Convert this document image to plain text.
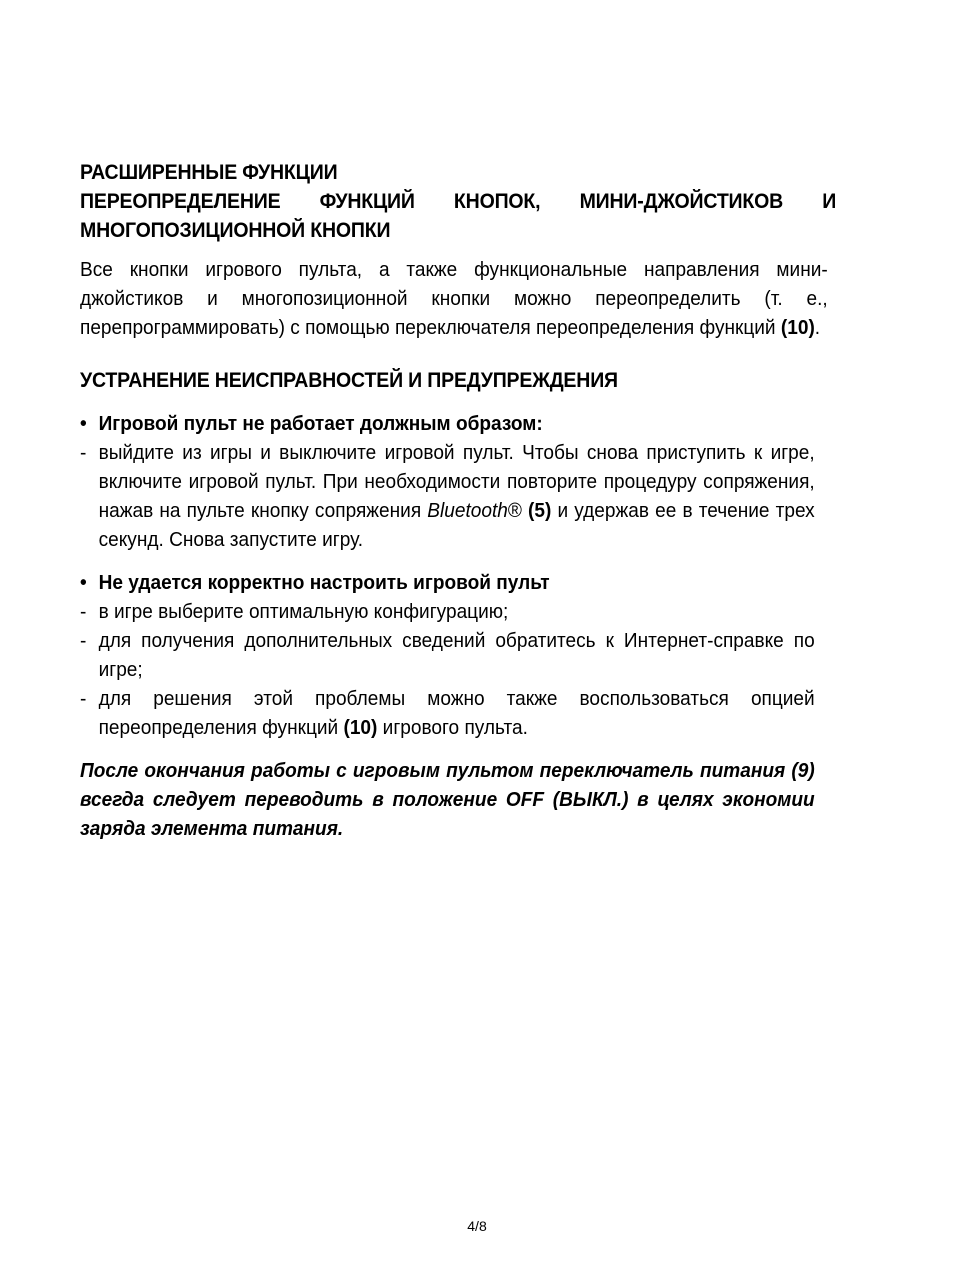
РАСШИРЕННЫЕ ФУНКЦИИ
ПЕРЕОПРЕДЕЛЕНИЕ ФУНКЦИЙ КНОПОК, МИНИ-ДЖОЙСТИКОВ И
МНОГОПОЗИЦИОННОЙ КНОПКИ
Все кнопки игрового пульта, а также функциональные направления мини-джойстиков и многопозиционной кнопки можно переопределить (т. е., перепрограммировать) с помощью переключателя переопределения функций (10).
УСТРАНЕНИЕ НЕИСПРАВНОСТЕЙ И ПРЕДУПРЕЖДЕНИЯ
• Игровой пульт не работает должным образом:
- выйдите из игры и выключите игровой пульт. Чтобы снова приступить к игре, включите игровой пульт. При необходимости повторите процедуру сопряжения, нажав на пульте кнопку сопряжения Bluetooth® (5) и удержав ее в течение трех секунд. Снова запустите игру.
• Не удается корректно настроить игровой пульт
- в игре выберите оптимальную конфигурацию;
- для получения дополнительных сведений обратитесь к Интернет-справке по игре;
- для решения этой проблемы можно также воспользоваться опцией переопределения функций (10) игрового пульта.
После окончания работы с игровым пультом переключатель питания (9) всегда следует переводить в положение OFF (ВЫКЛ.) в целях экономии заряда элемента питания.
4/8
